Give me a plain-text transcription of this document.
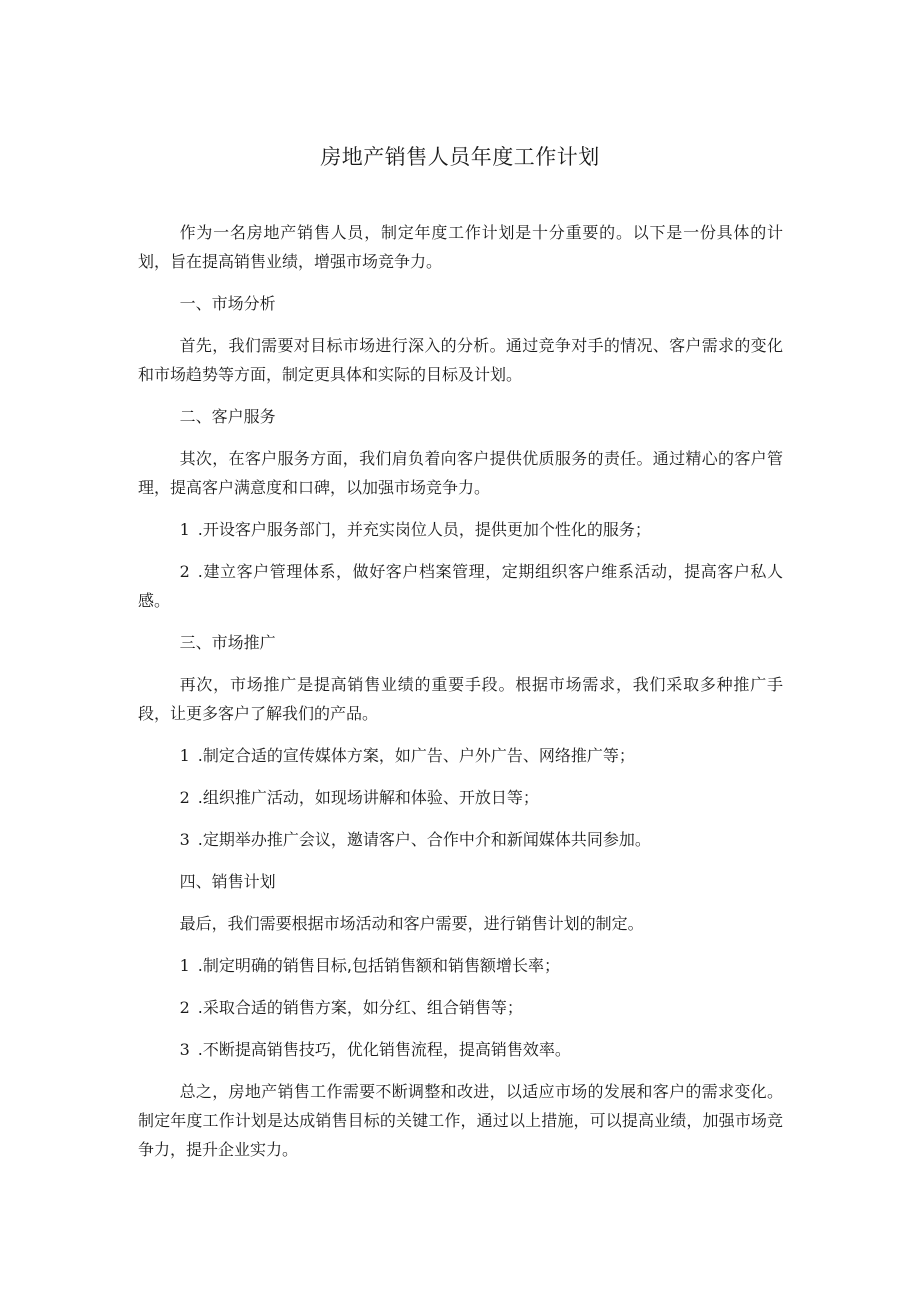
房地产销售人员年度工作计划

作为一名房地产销售人员，制定年度工作计划是十分重要的。以下是一份具体的计划，旨在提高销售业绩，增强市场竞争力。

一、市场分析

首先，我们需要对目标市场进行深入的分析。通过竞争对手的情况、客户需求的变化和市场趋势等方面，制定更具体和实际的目标及计划。

二、客户服务

其次，在客户服务方面，我们肩负着向客户提供优质服务的责任。通过精心的客户管理，提高客户满意度和口碑，以加强市场竞争力。

1 .开设客户服务部门，并充实岗位人员，提供更加个性化的服务；

2 .建立客户管理体系，做好客户档案管理，定期组织客户维系活动，提高客户私人感。

三、市场推广

再次，市场推广是提高销售业绩的重要手段。根据市场需求，我们采取多种推广手段，让更多客户了解我们的产品。

1 .制定合适的宣传媒体方案，如广告、户外广告、网络推广等；

2 .组织推广活动，如现场讲解和体验、开放日等；

3 .定期举办推广会议，邀请客户、合作中介和新闻媒体共同参加。

四、销售计划

最后，我们需要根据市场活动和客户需要，进行销售计划的制定。

1 .制定明确的销售目标,包括销售额和销售额增长率；

2 .采取合适的销售方案，如分红、组合销售等；

3 .不断提高销售技巧，优化销售流程，提高销售效率。

总之，房地产销售工作需要不断调整和改进，以适应市场的发展和客户的需求变化。制定年度工作计划是达成销售目标的关键工作，通过以上措施，可以提高业绩，加强市场竞争力，提升企业实力。
